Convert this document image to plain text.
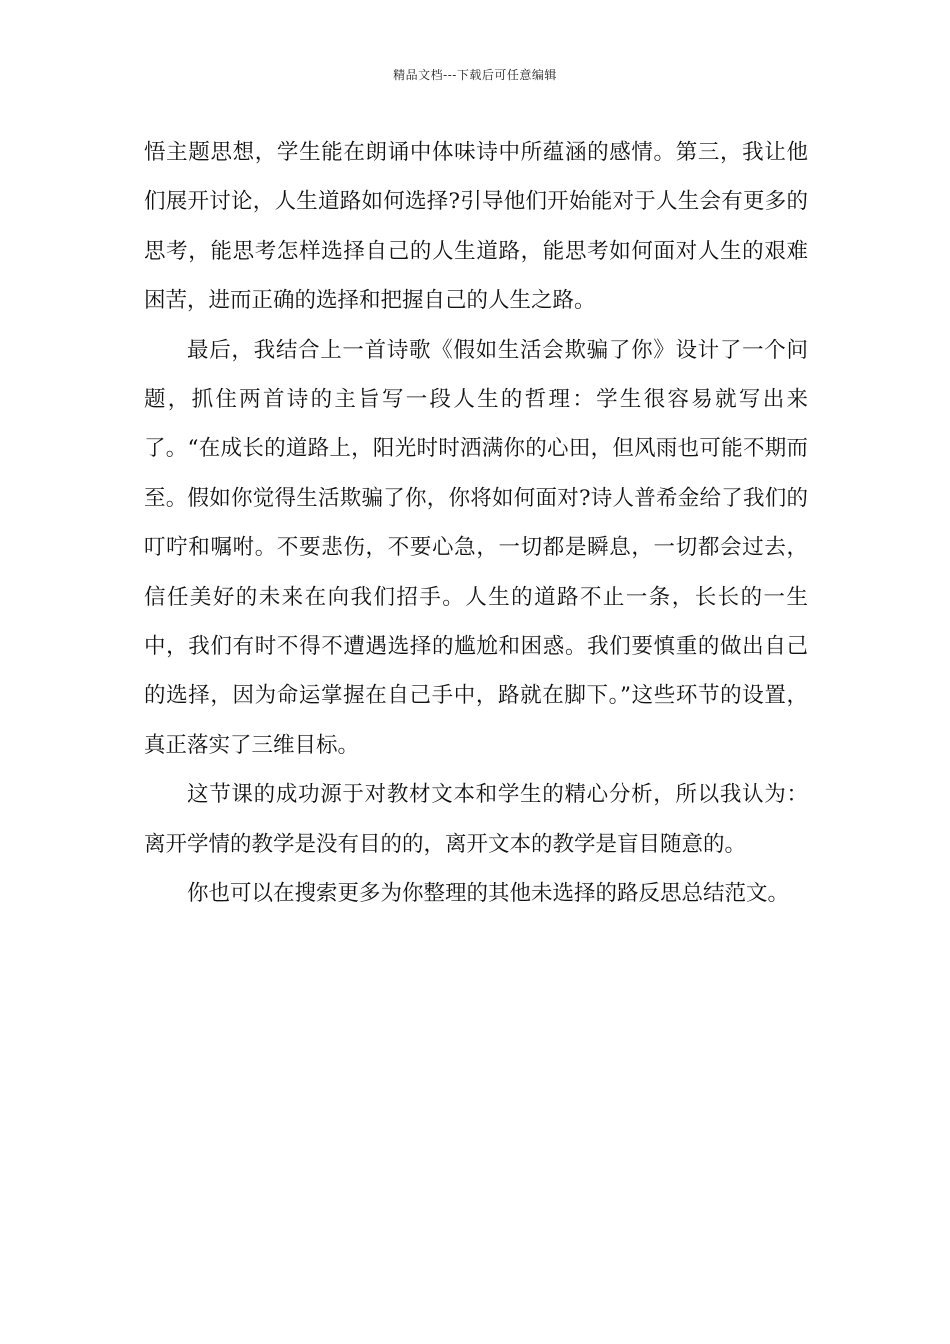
精品文档---下载后可任意编辑

悟主题思想，学生能在朗诵中体味诗中所蕴涵的感情。第三，我让他们展开讨论，人生道路如何选择?引导他们开始能对于人生会有更多的思考，能思考怎样选择自己的人生道路，能思考如何面对人生的艰难困苦，进而正确的选择和把握自己的人生之路。

最后，我结合上一首诗歌《假如生活会欺骗了你》设计了一个问题，抓住两首诗的主旨写一段人生的哲理：学生很容易就写出来了。“在成长的道路上，阳光时时洒满你的心田，但风雨也可能不期而至。假如你觉得生活欺骗了你，你将如何面对?诗人普希金给了我们的叮咛和嘱咐。不要悲伤，不要心急，一切都是瞬息，一切都会过去，信任美好的未来在向我们招手。人生的道路不止一条，长长的一生中，我们有时不得不遭遇选择的尴尬和困惑。我们要慎重的做出自己的选择，因为命运掌握在自己手中，路就在脚下。”这些环节的设置，真正落实了三维目标。

这节课的成功源于对教材文本和学生的精心分析，所以我认为：离开学情的教学是没有目的的，离开文本的教学是盲目随意的。

你也可以在搜索更多为你整理的其他未选择的路反思总结范文。
